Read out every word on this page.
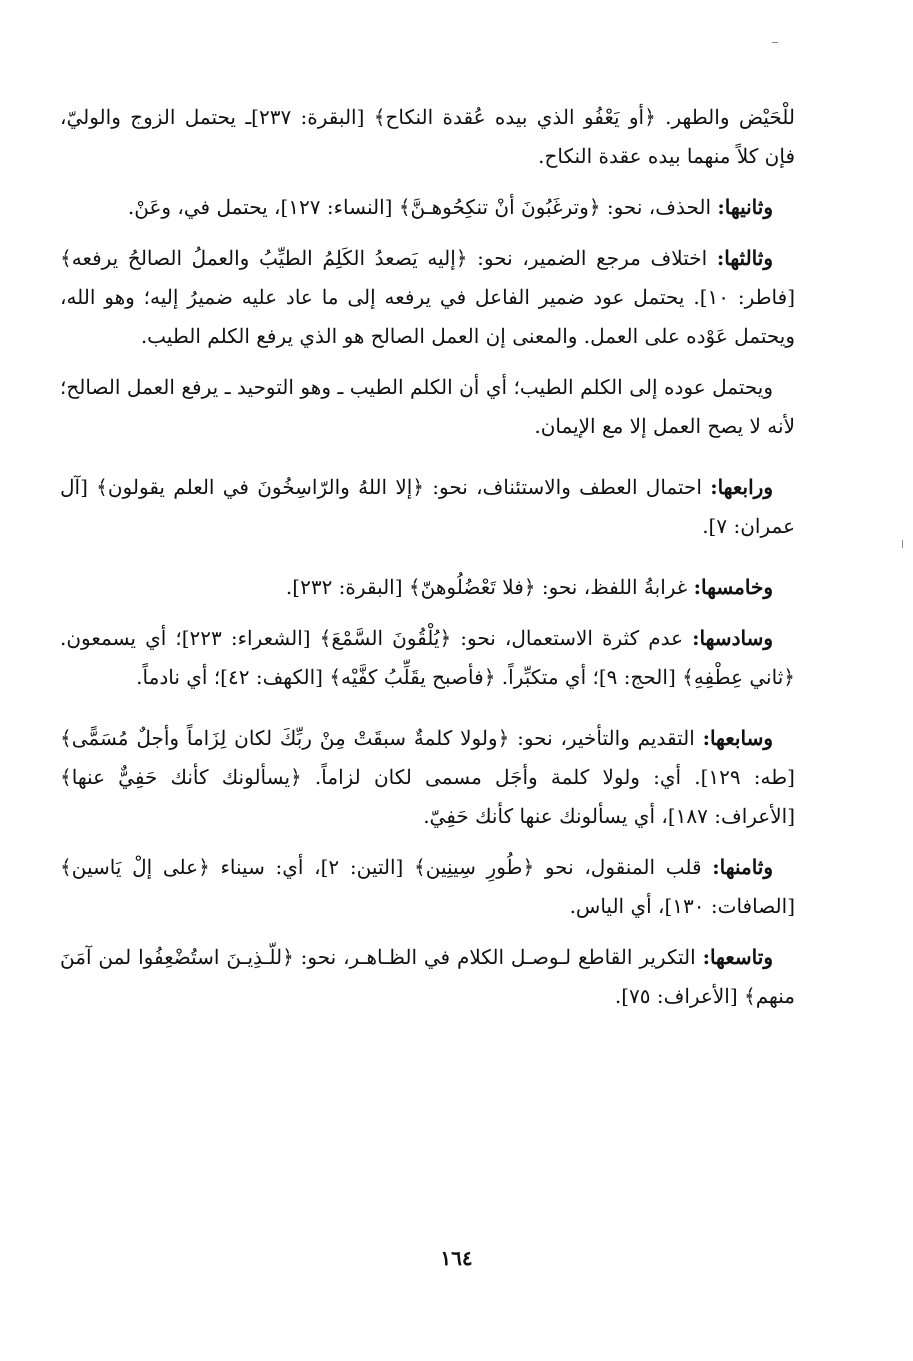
للْحَيْض والطهر. ﴿أو يَعْفُو الذي بيده عُقدة النكاح﴾ [البقرة: ٢٣٧]ـ يحتمل الزوج والوليّ، فإن كلاً منهما بيده عقدة النكاح.

وثانيها: الحذف، نحو: ﴿وترغَبُونَ أنْ تنكِحُوهـنَّ﴾ [النساء: ١٢٧]، يحتمل في، وعَنْ.

وثالثها: اختلاف مرجع الضمير، نحو: ﴿إليه يَصعدُ الكَلِمُ الطيِّبُ والعملُ الصالحُ يرفعه﴾ [فاطر: ١٠]. يحتمل عود ضمير الفاعل في يرفعه إلى ما عاد عليه ضميرُ إليه؛ وهو الله، ويحتمل عَوْده على العمل. والمعنى إن العمل الصالح هو الذي يرفع الكلم الطيب.

ويحتمل عوده إلى الكلم الطيب؛ أي أن الكلم الطيب ـ وهو التوحيد ـ يرفع العمل الصالح؛ لأنه لا يصح العمل إلا مع الإيمان.

ورابعها: احتمال العطف والاستئناف، نحو: ﴿إلا اللهُ والرّاسِخُونَ في العلم يقولون﴾ [آل عمران: ٧].

وخامسها: غرابةُ اللفظ، نحو: ﴿فلا تَعْضُلُوهنّ﴾ [البقرة: ٢٣٢].

وسادسها: عدم كثرة الاستعمال، نحو: ﴿يُلْقُونَ السَّمْعَ﴾ [الشعراء: ٢٢٣]؛ أي يسمعون. ﴿ثاني عِطْفِهِ﴾ [الحج: ٩]؛ أي متكبِّراً. ﴿فأصبح يقَلِّبُ كفَّيْه﴾ [الكهف: ٤٢]؛ أي نادماً.

وسابعها: التقديم والتأخير، نحو: ﴿ولولا كلمةٌ سبقَتْ مِنْ ربِّكَ لكان لِزَاماً وأجلٌ مُسَمًّى﴾ [طه: ١٢٩]. أي: ولولا كلمة وأجَل مسمى لكان لزاماً. ﴿يسألونك كأنك حَفِيٌّ عنها﴾ [الأعراف: ١٨٧]، أي يسألونك عنها كأنك حَفِيّ.

وثامنها: قلب المنقول، نحو ﴿طُورِ سِينِين﴾ [التين: ٢]، أي: سيناء ﴿على إلْ يَاسين﴾ [الصافات: ١٣٠]، أي الياس.

وتاسعها: التكرير القاطع لـوصـل الكلام في الظـاهـر، نحو: ﴿للّـذِيـنَ استُضْعِفُوا لمن آمَنَ منهم﴾ [الأعراف: ٧٥].

١٦٤
